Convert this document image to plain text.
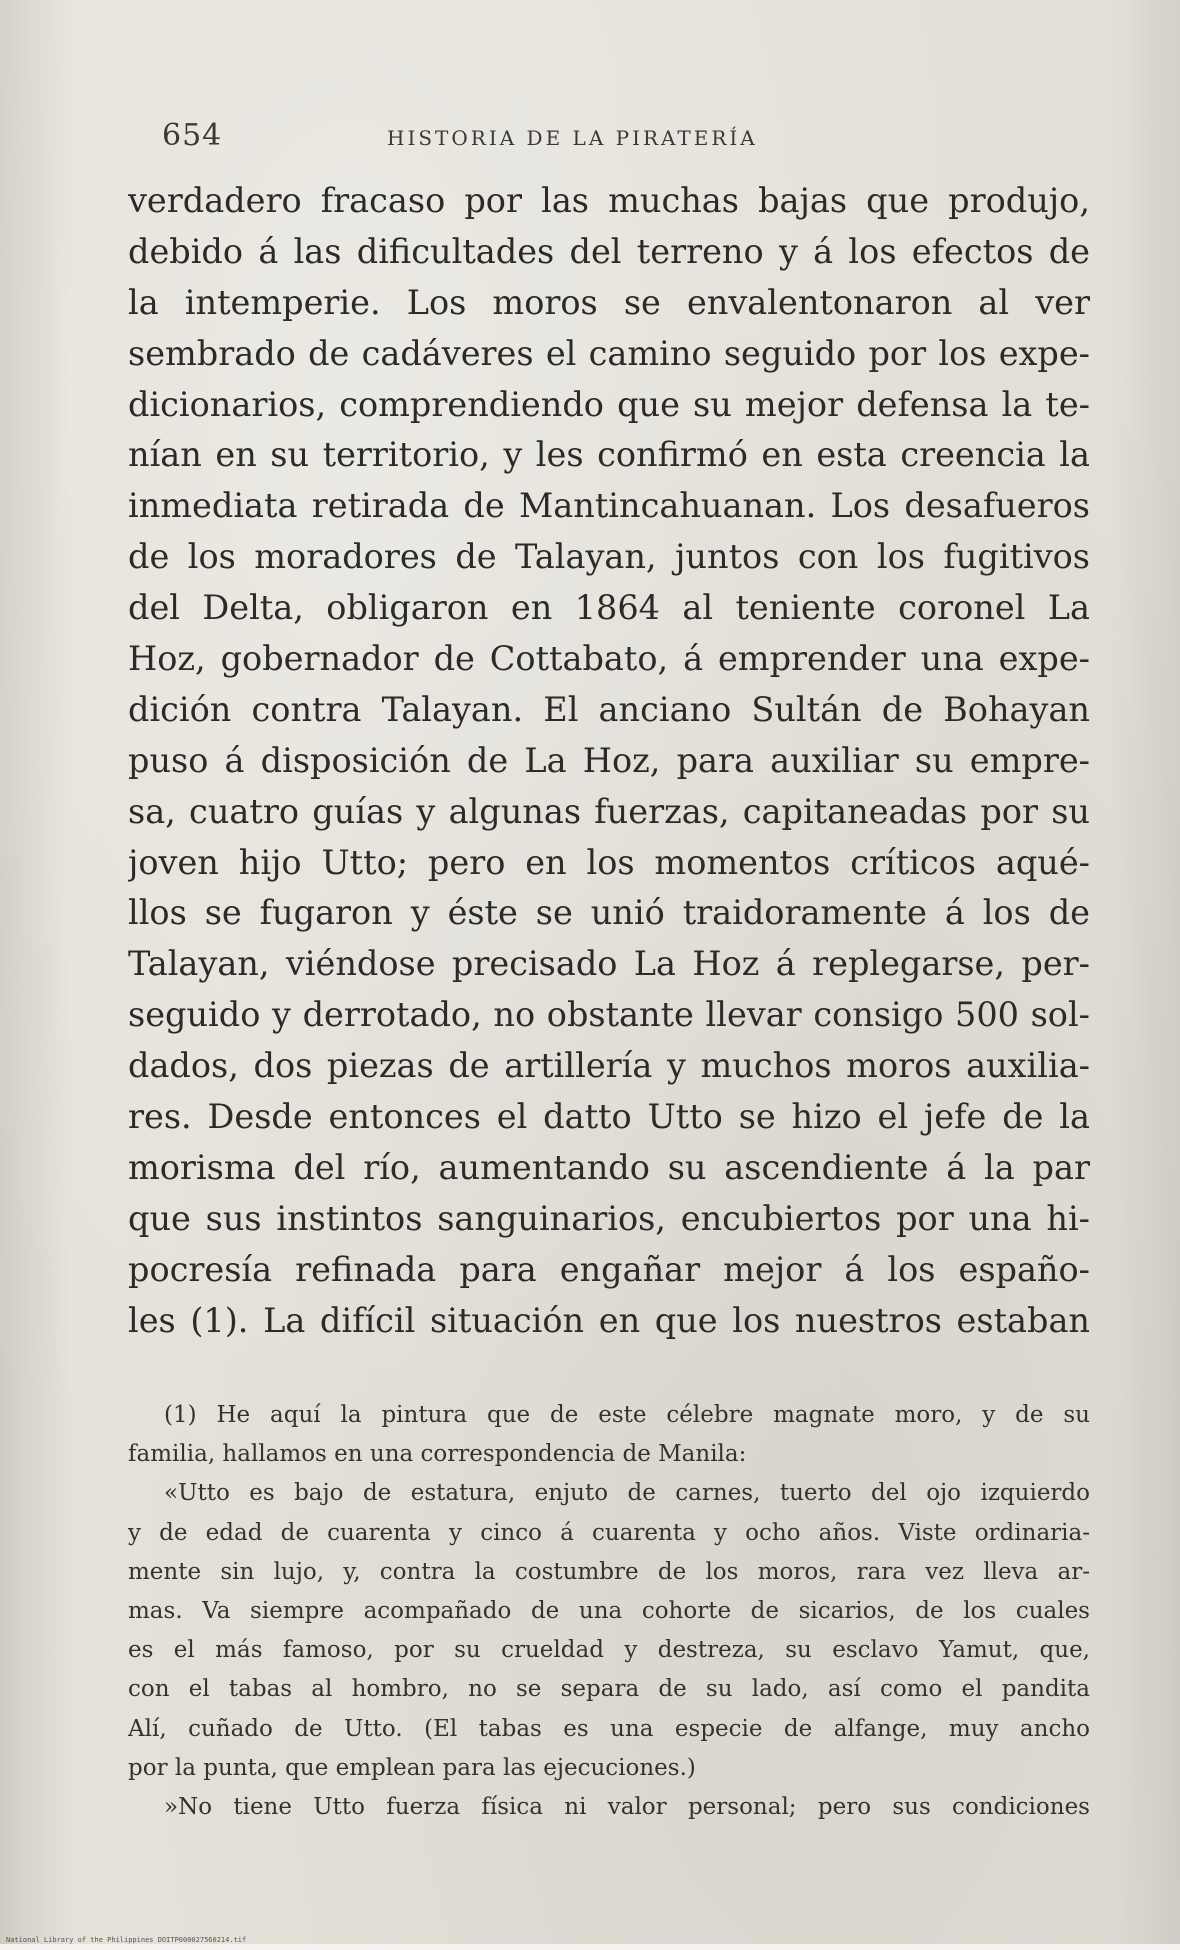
654	HISTORIA DE LA PIRATERÍA
verdadero fracaso por las muchas bajas que produjo,
debido á las dificultades del terreno y á los efectos de
la intemperie. Los moros se envalentonaron al ver
sembrado de cadáveres el camino seguido por los expe-
dicionarios, comprendiendo que su mejor defensa la te-
nían en su territorio, y les confirmó en esta creencia la
inmediata retirada de Mantincahuanan. Los desafueros
de los moradores de Talayan, juntos con los fugitivos
del Delta, obligaron en 1864 al teniente coronel La
Hoz, gobernador de Cottabato, á emprender una expe-
dición contra Talayan. El anciano Sultán de Bohayan
puso á disposición de La Hoz, para auxiliar su empre-
sa, cuatro guías y algunas fuerzas, capitaneadas por su
joven hijo Utto; pero en los momentos críticos aqué-
llos se fugaron y éste se unió traidoramente á los de
Talayan, viéndose precisado La Hoz á replegarse, per-
seguido y derrotado, no obstante llevar consigo 500 sol-
dados, dos piezas de artillería y muchos moros auxilia-
res. Desde entonces el datto Utto se hizo el jefe de la
morisma del río, aumentando su ascendiente á la par
que sus instintos sanguinarios, encubiertos por una hi-
pocresía refinada para engañar mejor á los españo-
les (1). La difícil situación en que los nuestros estaban
(1) He aquí la pintura que de este célebre magnate moro, y de su
familia, hallamos en una correspondencia de Manila:
«Utto es bajo de estatura, enjuto de carnes, tuerto del ojo izquierdo
y de edad de cuarenta y cinco á cuarenta y ocho años. Viste ordinaria-
mente sin lujo, y, contra la costumbre de los moros, rara vez lleva ar-
mas. Va siempre acompañado de una cohorte de sicarios, de los cuales
es el más famoso, por su crueldad y destreza, su esclavo Yamut, que,
con el tabas al hombro, no se separa de su lado, así como el pandita
Alí, cuñado de Utto. (El tabas es una especie de alfange, muy ancho
por la punta, que emplean para las ejecuciones.)
»No tiene Utto fuerza física ni valor personal; pero sus condiciones
National Library of the Philippines DOITP000027560214.tif
